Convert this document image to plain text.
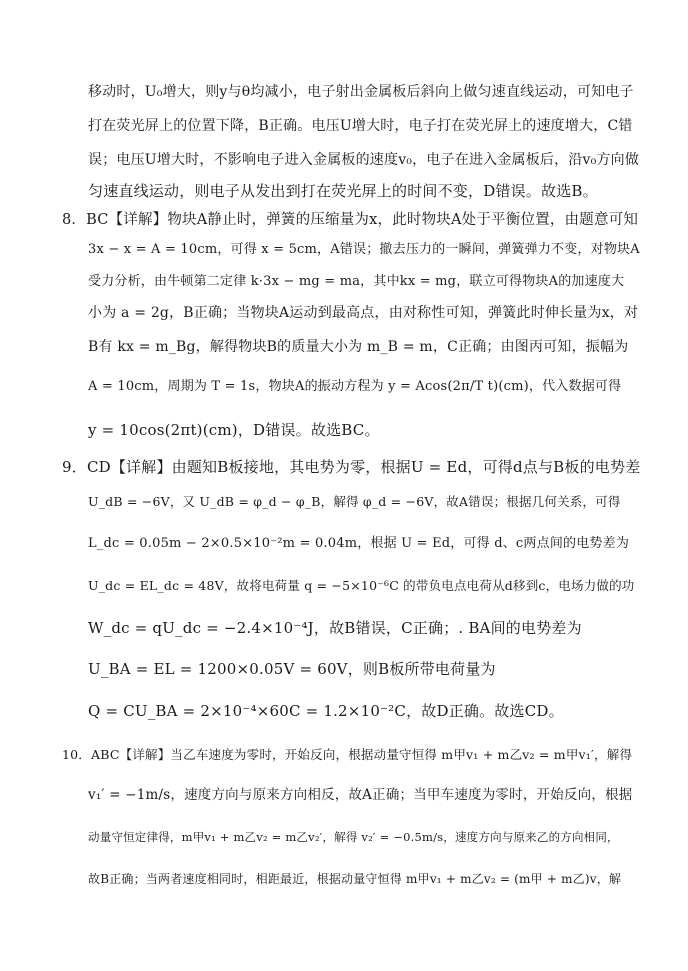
移动时，U₀增大，则y与θ均减小，电子射出金属板后斜向上做匀速直线运动，可知电子
打在荧光屏上的位置下降，B正确。电压U增大时，电子打在荧光屏上的速度增大，C错
误；电压U增大时，不影响电子进入金属板的速度v₀，电子在进入金属板后，沿v₀方向做
匀速直线运动，则电子从发出到打在荧光屏上的时间不变，D错误。故选B。
8．BC【详解】物块A静止时，弹簧的压缩量为x，此时物块A处于平衡位置，由题意可知
3x − x = A = 10cm，可得 x = 5cm，A错误；撤去压力的一瞬间，弹簧弹力不变，对物块A
受力分析，由牛顿第二定律 k·3x − mg = ma，其中kx = mg，联立可得物块A的加速度大
小为 a = 2g，B正确；当物块A运动到最高点，由对称性可知，弹簧此时伸长量为x，对
B有 kx = m_Bg，解得物块B的质量大小为 m_B = m，C正确；由图丙可知，振幅为
A = 10cm，周期为 T = 1s，物块A的振动方程为 y = Acos(2π/T t)(cm)，代入数据可得
y = 10cos(2πt)(cm)，D错误。故选BC。
9．CD【详解】由题知B板接地，其电势为零，根据U = Ed，可得d点与B板的电势差
U_dB = −6V，又 U_dB = φ_d − φ_B，解得 φ_d = −6V，故A错误；根据几何关系，可得
L_dc = 0.05m − 2×0.5×10⁻²m = 0.04m，根据 U = Ed，可得 d、c两点间的电势差为
U_dc = EL_dc = 48V，故将电荷量 q = −5×10⁻⁶C 的带负电点电荷从d移到c，电场力做的功
W_dc = qU_dc = −2.4×10⁻⁴J，故B错误，C正确；. BA间的电势差为
U_BA = EL = 1200×0.05V = 60V，则B板所带电荷量为
Q = CU_BA = 2×10⁻⁴×60C = 1.2×10⁻²C，故D正确。故选CD。
10．ABC【详解】当乙车速度为零时，开始反向，根据动量守恒得 m甲v₁ + m乙v₂ = m甲v₁′，解得
v₁′ = −1m/s，速度方向与原来方向相反，故A正确；当甲车速度为零时，开始反向，根据
动量守恒定律得，m甲v₁ + m乙v₂ = m乙v₂′，解得 v₂′ = −0.5m/s，速度方向与原来乙的方向相同，
故B正确；当两者速度相同时，相距最近，根据动量守恒得 m甲v₁ + m乙v₂ = (m甲 + m乙)v，解
